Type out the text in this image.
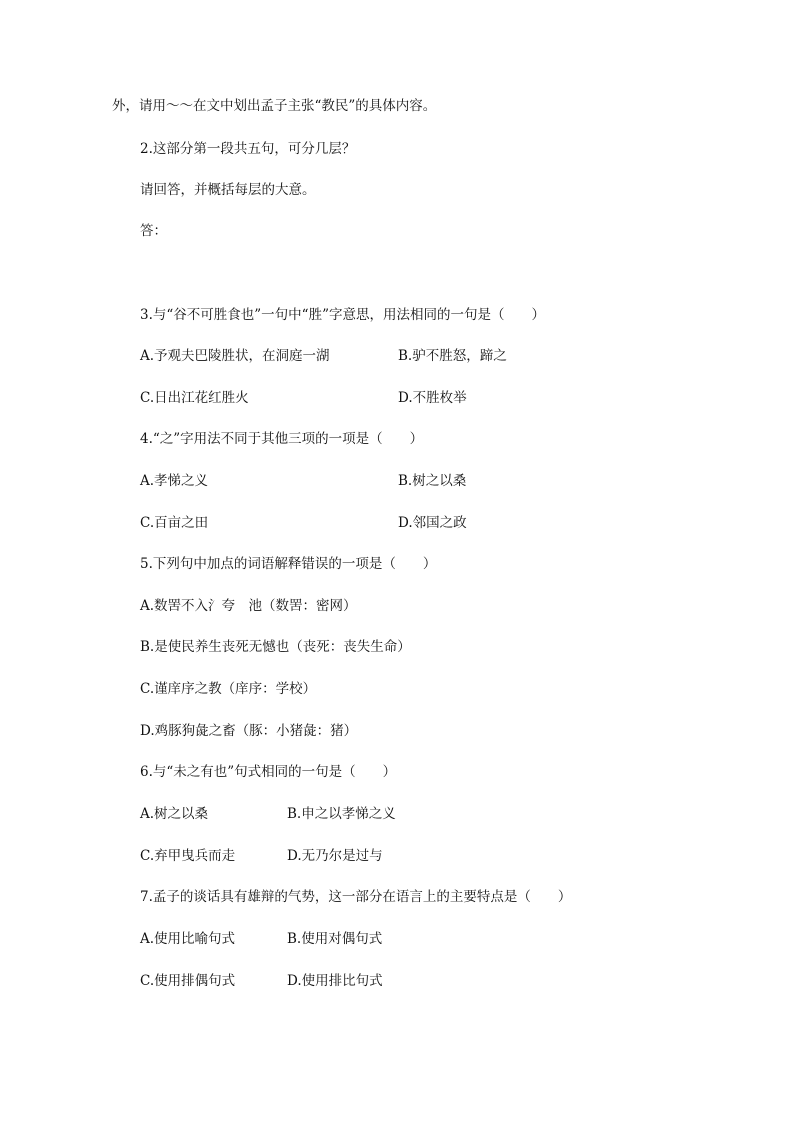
外，请用～～在文中划出孟子主张“教民”的具体内容。
2.这部分第一段共五句，可分几层？
请回答，并概括每层的大意。
答：
3.与“谷不可胜食也”一句中“胜”字意思，用法相同的一句是（　　）
A.予观夫巴陵胜状，在洞庭一湖	B.驴不胜怒，蹄之
C.日出江花红胜火	D.不胜枚举
4.“之”字用法不同于其他三项的一项是（　　）
A.孝悌之义	B.树之以桑
C.百亩之田	D.邻国之政
5.下列句中加点的词语解释错误的一项是（　　）
A.数罟不入氵夸　池（数罟：密网）
B.是使民养生丧死无憾也（丧死：丧失生命）
C.谨庠序之教（庠序：学校）
D.鸡豚狗彘之畜（豚：小猪彘：猪）
6.与“未之有也”句式相同的一句是（　　）
A.树之以桑	B.申之以孝悌之义
C.弃甲曳兵而走	D.无乃尔是过与
7.孟子的谈话具有雄辩的气势，这一部分在语言上的主要特点是（　　）
A.使用比喻句式	B.使用对偶句式
C.使用排偶句式	D.使用排比句式
